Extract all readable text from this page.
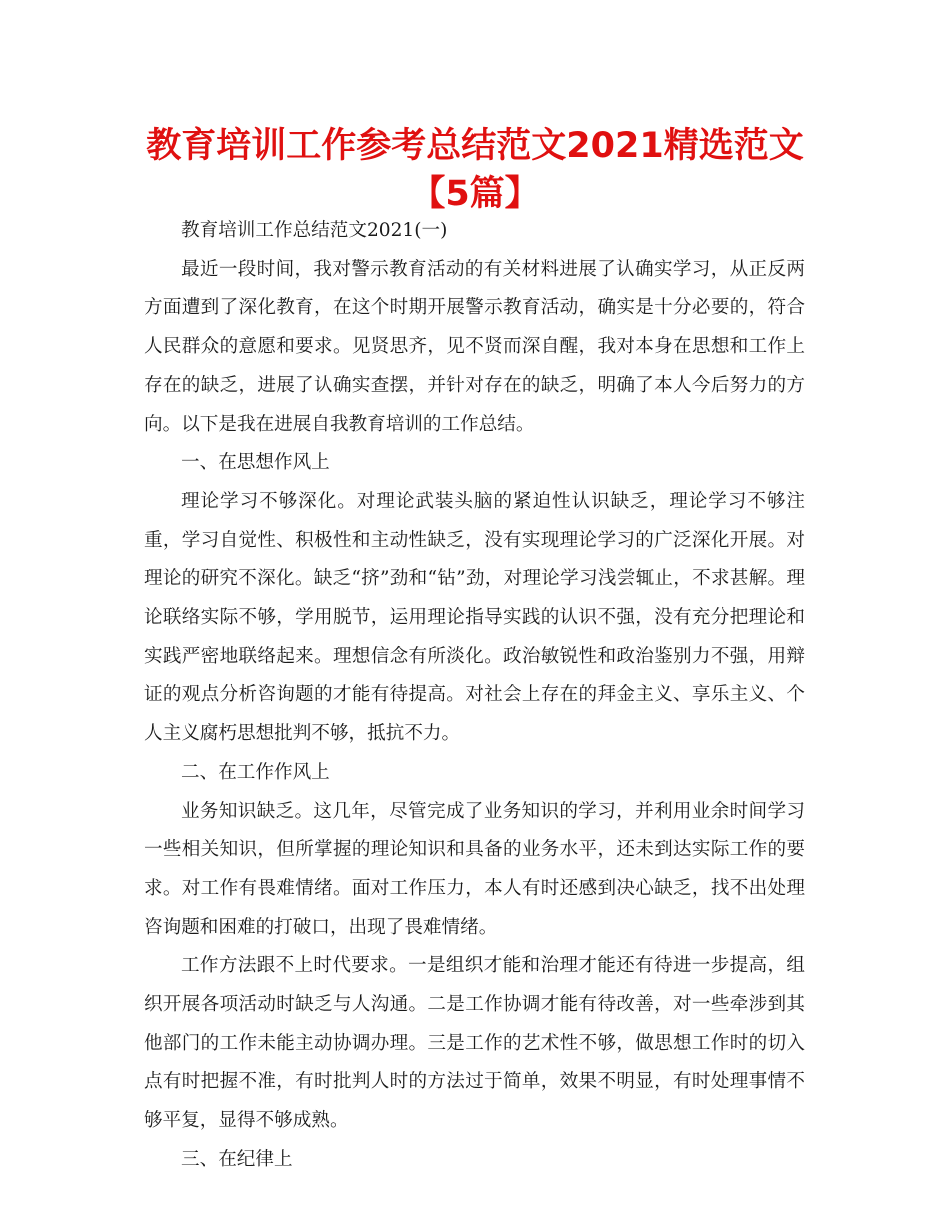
教育培训工作参考总结范文2021精选范文【5篇】

教育培训工作总结范文2021(一)

最近一段时间，我对警示教育活动的有关材料进展了认确实学习，从正反两方面遭到了深化教育，在这个时期开展警示教育活动，确实是十分必要的，符合人民群众的意愿和要求。见贤思齐，见不贤而深自醒，我对本身在思想和工作上存在的缺乏，进展了认确实查摆，并针对存在的缺乏，明确了本人今后努力的方向。以下是我在进展自我教育培训的工作总结。

一、在思想作风上

理论学习不够深化。对理论武装头脑的紧迫性认识缺乏，理论学习不够注重，学习自觉性、积极性和主动性缺乏，没有实现理论学习的广泛深化开展。对理论的研究不深化。缺乏“挤”劲和“钻”劲，对理论学习浅尝辄止，不求甚解。理论联络实际不够，学用脱节，运用理论指导实践的认识不强，没有充分把理论和实践严密地联络起来。理想信念有所淡化。政治敏锐性和政治鉴别力不强，用辩证的观点分析咨询题的才能有待提高。对社会上存在的拜金主义、享乐主义、个人主义腐朽思想批判不够，抵抗不力。

二、在工作作风上

业务知识缺乏。这几年，尽管完成了业务知识的学习，并利用业余时间学习一些相关知识，但所掌握的理论知识和具备的业务水平，还未到达实际工作的要求。对工作有畏难情绪。面对工作压力，本人有时还感到决心缺乏，找不出处理咨询题和困难的打破口，出现了畏难情绪。

工作方法跟不上时代要求。一是组织才能和治理才能还有待进一步提高，组织开展各项活动时缺乏与人沟通。二是工作协调才能有待改善，对一些牵涉到其他部门的工作未能主动协调办理。三是工作的艺术性不够，做思想工作时的切入点有时把握不准，有时批判人时的方法过于简单，效果不明显，有时处理事情不够平复，显得不够成熟。

三、在纪律上
